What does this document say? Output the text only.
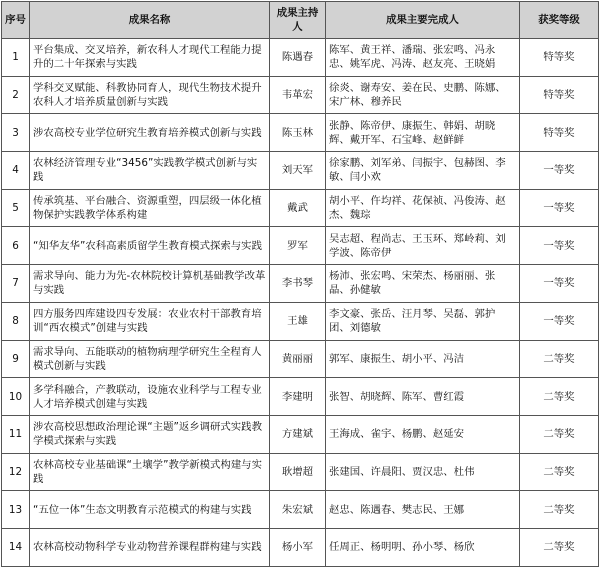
序号	成果名称	成果主持人	成果主要完成人	获奖等级
1	平台集成、交叉培养，新农科人才现代工程能力提升的二十年探索与实践	陈遇春	陈军、黄王祥、潘瑞、张宏鸣、冯永忠、姚军虎、冯涛、赵友亮、王晓娟	特等奖
2	学科交叉赋能、科教协同育人，现代生物技术提升农科人才培养质量创新与实践	韦革宏	徐炎、谢寿安、姜在民、史鹏、陈娜、宋广林、穆养民	特等奖
3	涉农高校专业学位研究生教育培养模式创新与实践	陈玉林	张静、陈帝伊、康振生、韩娟、胡晓辉、戴开军、石宝峰、赵鲜鲜	特等奖
4	农林经济管理专业“3456”实践教学模式创新与实践	刘天军	徐家鹏、刘军弟、闫振宇、包赫图、李敏、闫小欢	一等奖
5	传承筑基、平台融合、资源重塑，四层级一体化植物保护实践教学体系构建	戴武	胡小平、仵均祥、花保祯、冯俊涛、赵杰、魏琮	一等奖
6	“知华友华”农科高素质留学生教育模式探索与实践	罗军	吴志超、程尚志、王玉环、郑岭莉、刘学波、陈帝伊	一等奖
7	需求导向、能力为先-农林院校计算机基础教学改革与实践	李书琴	杨沛、张宏鸣、宋荣杰、杨丽丽、张晶、孙健敏	一等奖
8	四方服务四库建设四专发展：农业农村干部教育培训“西农模式”创建与实践	王雄	李文豪、张岳、汪月琴、吴磊、郭护团、刘德敏	一等奖
9	需求导向、五能联动的植物病理学研究生全程育人模式创新与实践	黄丽丽	郭军、康振生、胡小平、冯洁	二等奖
10	多学科融合，产教联动，设施农业科学与工程专业人才培养模式创建与实践	李建明	张智、胡晓辉、陈军、曹红霞	二等奖
11	涉农高校思想政治理论课“主题”返乡调研式实践教学模式探索与实践	方建斌	王海成、雀宇、杨鹏、赵延安	二等奖
12	农林高校专业基础课“土壤学”教学新模式构建与实践	耿增超	张建国、许晨阳、贾汉忠、杜伟	二等奖
13	“五位一体”生态文明教育示范模式的构建与实践	朱宏斌	赵忠、陈遇春、樊志民、王娜	二等奖
14	农林高校动物科学专业动物营养课程群构建与实践	杨小军	任周正、杨明明、孙小琴、杨欣	二等奖
